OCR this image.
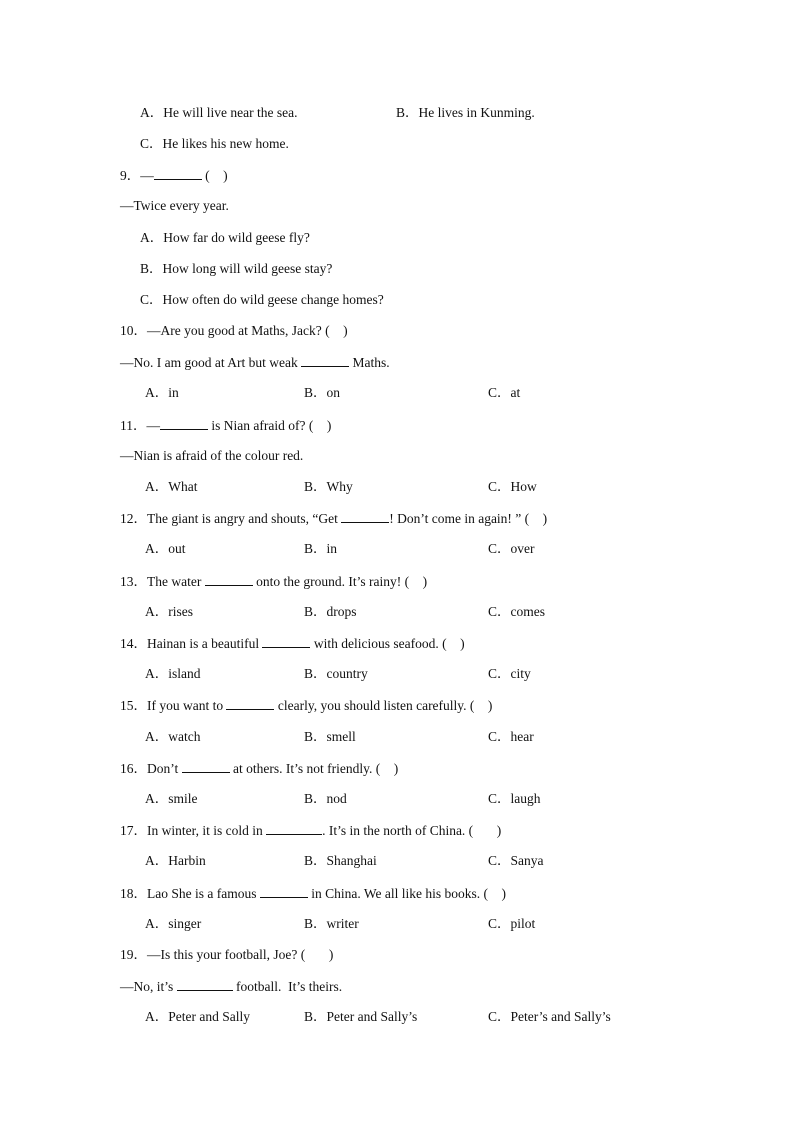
A．He will live near the sea.	B．He lives in Kunming.
C．He likes his new home.
9．—	(    )
—Twice every year.
A．How far do wild geese fly?
B．How long will wild geese stay?
C．How often do wild geese change homes?
10．—Are you good at Maths, Jack? (    )
—No. I am good at Art but weak	Maths.
A．in	B．on	C．at
11．—	is Nian afraid of? (    )
—Nian is afraid of the colour red.
A．What	B．Why	C．How
12．The giant is angry and shouts, “Get	! Don’t come in again! ” (    )
A．out	B．in	C．over
13．The water	onto the ground. It’s rainy! (    )
A．rises	B．drops	C．comes
14．Hainan is a beautiful	with delicious seafood. (    )
A．island	B．country	C．city
15．If you want to	clearly, you should listen carefully. (    )
A．watch	B．smell	C．hear
16．Don’t	at others. It’s not friendly. (    )
A．smile	B．nod	C．laugh
17．In winter, it is cold in	. It’s in the north of China. (       )
A．Harbin	B．Shanghai	C．Sanya
18．Lao She is a famous	in China. We all like his books. (    )
A．singer	B．writer	C．pilot
19．—Is this your football, Joe? (       )
—No, it’s	football.  It’s theirs.
A．Peter and Sally	B．Peter and Sally’s	C．Peter’s and Sally’s
